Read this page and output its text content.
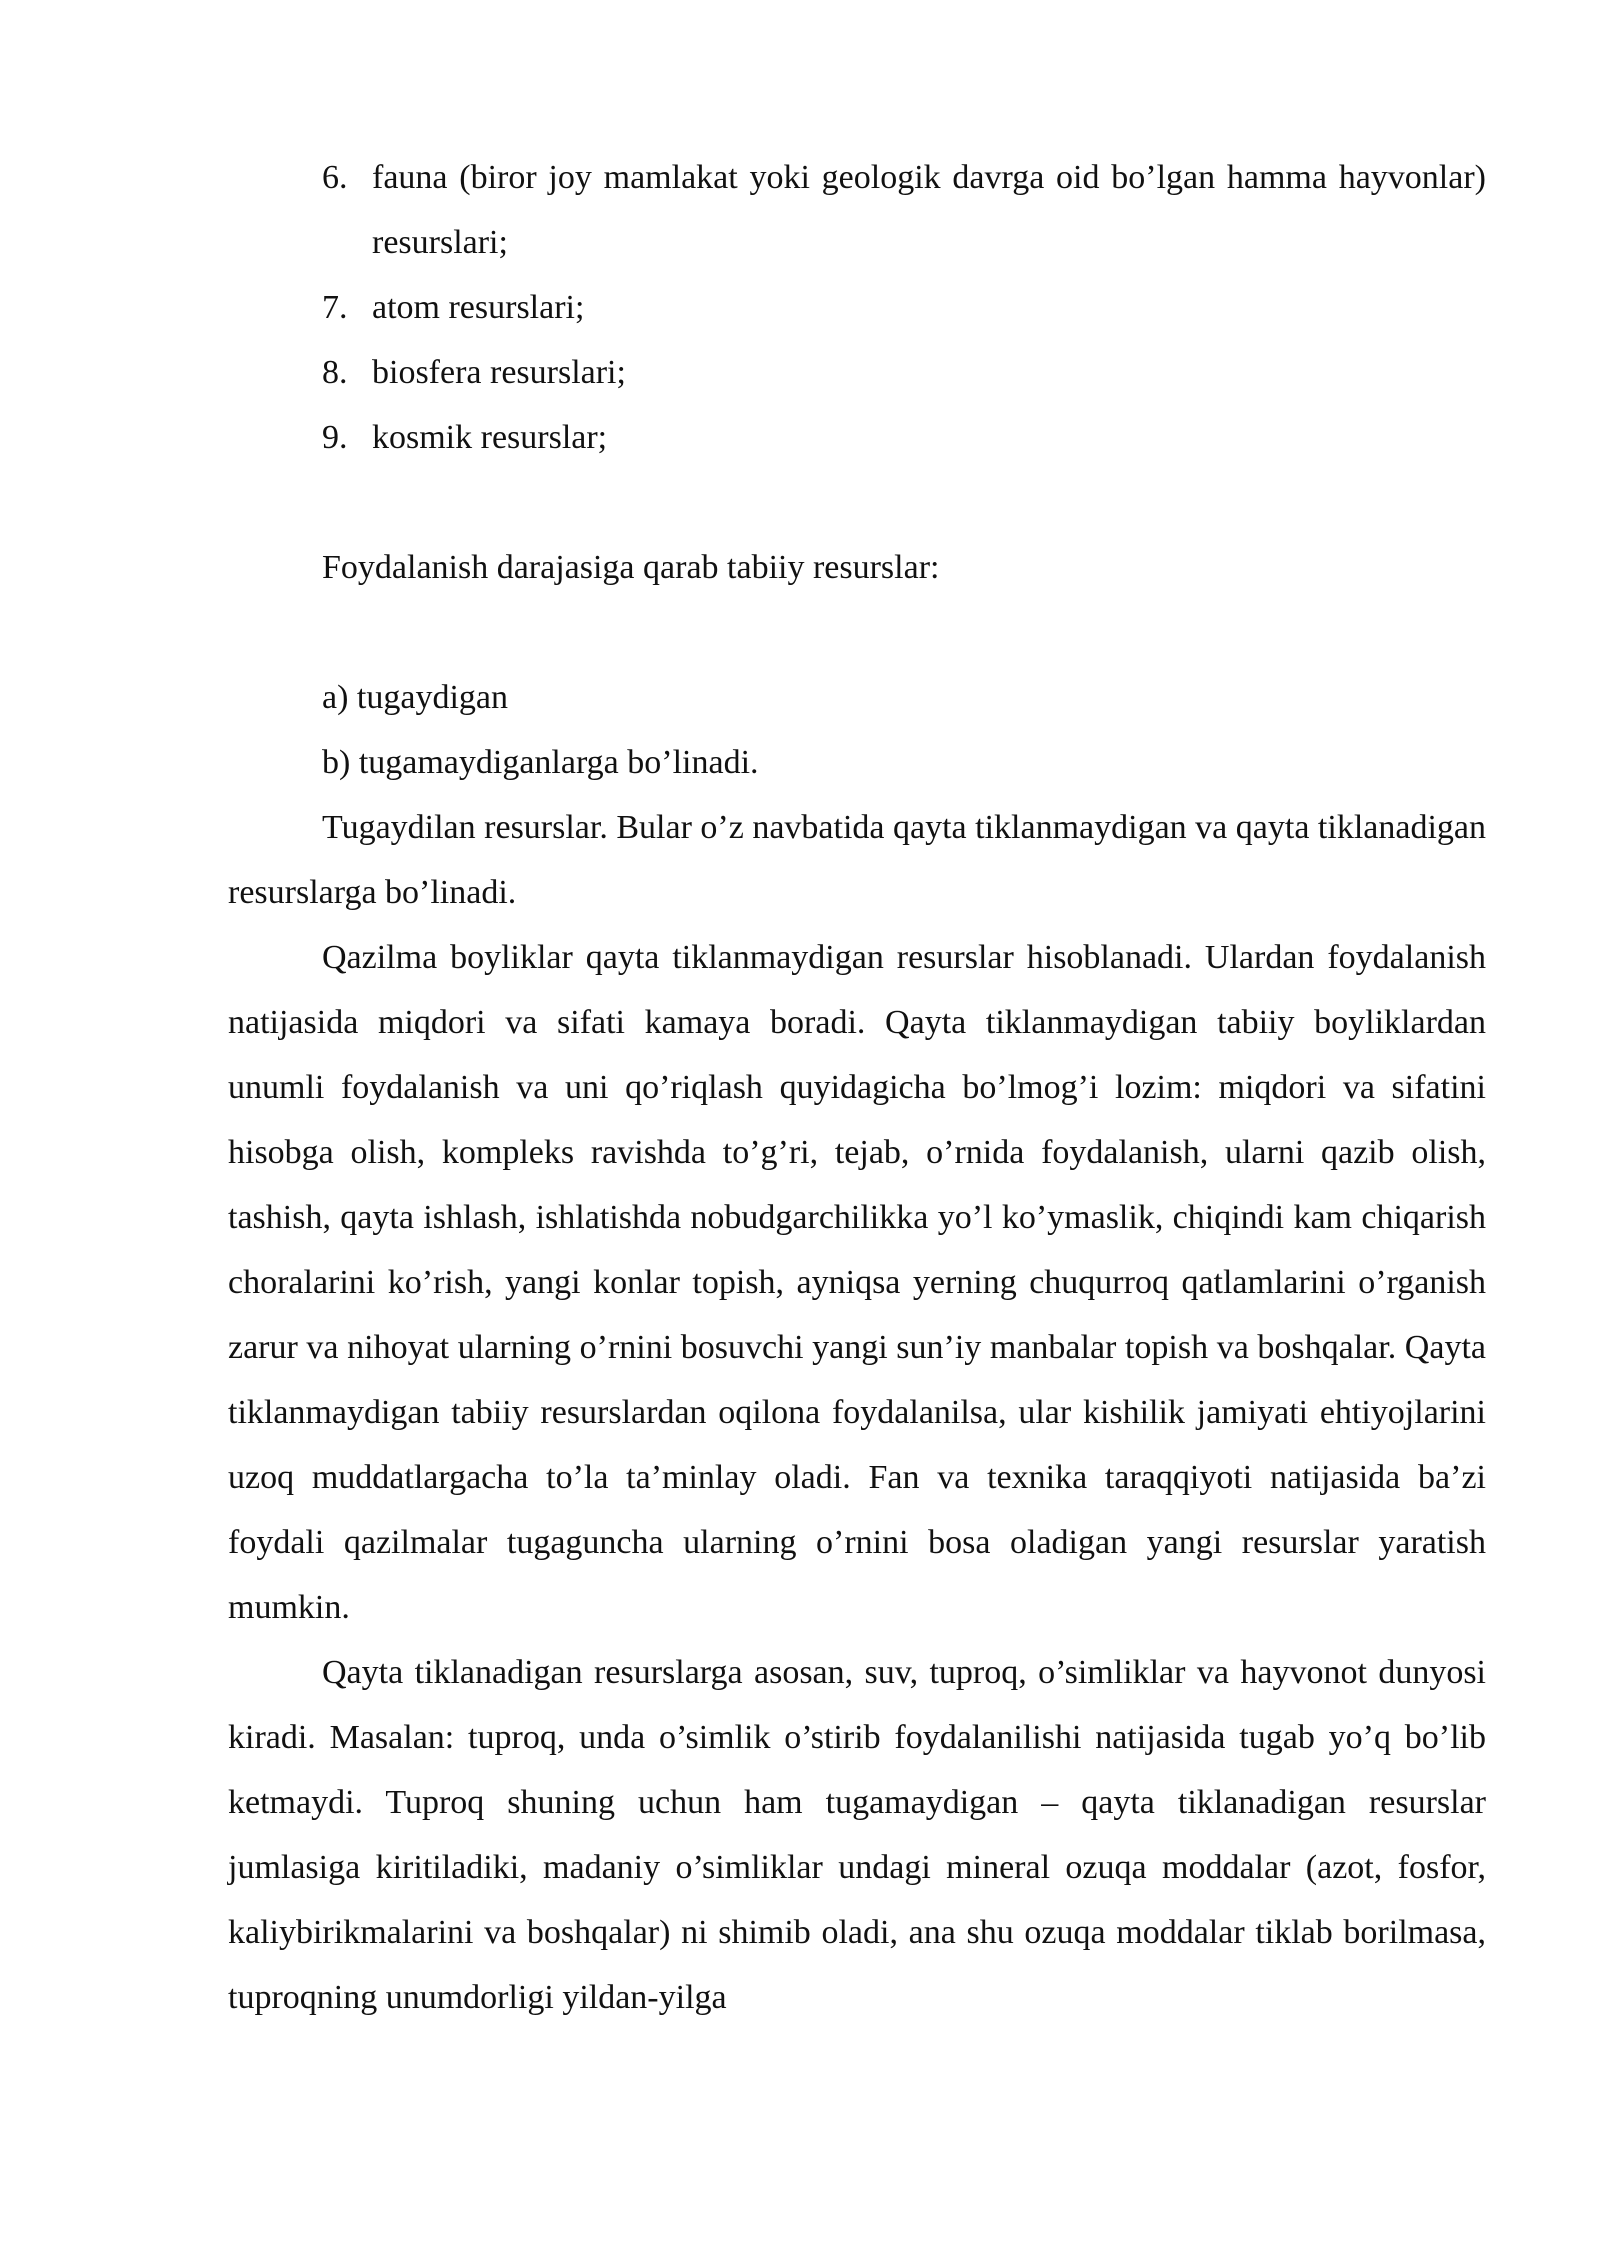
6. fauna (biror joy mamlakat yoki geologik davrga oid bo’lgan hamma hayvonlar) resurslari;
7. atom resurslari;
8. biosfera resurslari;
9. kosmik resurslar;
Foydalanish darajasiga qarab tabiiy resurslar:
a) tugaydigan
b) tugamaydiganlarga bo’linadi.

Tugaydilan resurslar. Bular o’z navbatida qayta tiklanmaydigan va qayta tiklanadigan resurslarga bo’linadi.

Qazilma boyliklar qayta tiklanmaydigan resurslar hisoblanadi. Ulardan foydalanish natijasida miqdori va sifati kamaya boradi. Qayta tiklanmaydigan tabiiy boyliklardan unumli foydalanish va uni qo’riqlash quyidagicha bo’lmog’i lozim: miqdori va sifatini hisobga olish, kompleks ravishda to’g’ri, tejab, o’rnida foydalanish, ularni qazib olish, tashish, qayta ishlash, ishlatishda nobudgarchilikka yo’l ko’ymaslik, chiqindi kam chiqarish choralarini ko’rish, yangi konlar topish, ayniqsa yerning chuqurroq qatlamlarini o’rganish zarur va nihoyat ularning o’rnini bosuvchi yangi sun’iy manbalar topish va boshqalar. Qayta tiklanmaydigan tabiiy resurslardan oqilona foydalanilsa, ular kishilik jamiyati ehtiyojlarini uzoq muddatlargacha to’la ta’minlay oladi. Fan va texnika taraqqiyoti natijasida ba’zi foydali qazilmalar tugaguncha ularning o’rnini bosa oladigan yangi resurslar yaratish mumkin.

Qayta tiklanadigan resurslarga asosan, suv, tuproq, o’simliklar va hayvonot dunyosi kiradi. Masalan: tuproq, unda o’simlik o’stirib foydalanilishi natijasida tugab yo’q bo’lib ketmaydi. Tuproq shuning uchun ham tugamaydigan – qayta tiklanadigan resurslar jumlasiga kiritiladiki, madaniy o’simliklar undagi mineral ozuqa moddalar (azot, fosfor, kaliybirikmalarini va boshqalar) ni shimib oladi, ana shu ozuqa moddalar tiklab borilmasa, tuproqning unumdorligi yildan-yilga
